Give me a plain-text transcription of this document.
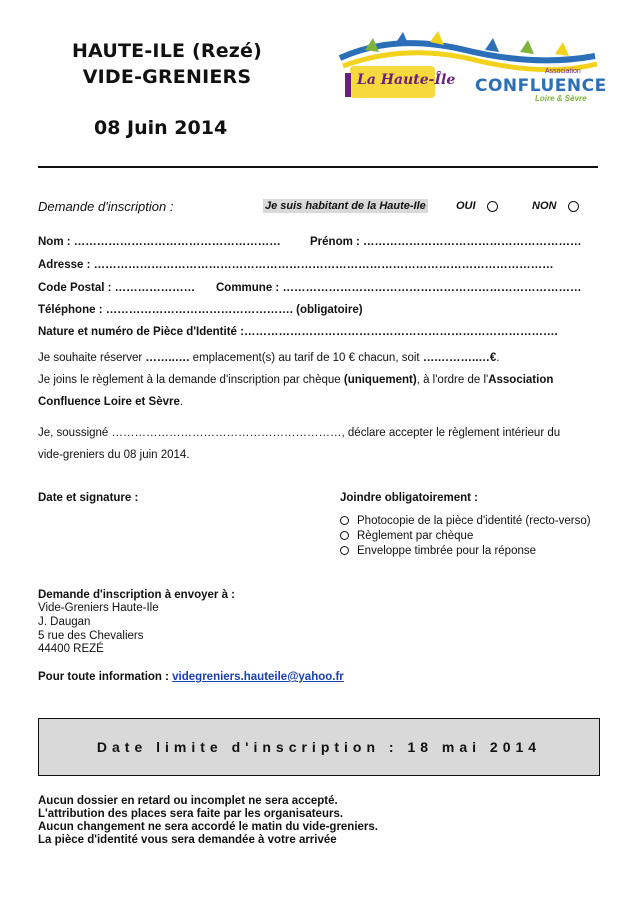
HAUTE-ILE (Rezé)
VIDE-GRENIERS
08 Juin 2014
La Haute-Île
Association
CONFLUENCE
Loire & Sèvre
Demande d'inscription :	Je suis habitant de la Haute-Ile	OUI	NON
Nom : ………………………………………………	Prénom : …………………………………………………
Adresse : …………………………………………………………………………………………………………
Code Postal : ………………… Commune : ……………………………………………………………………
Téléphone : …………………………………………. (obligatoire)
Nature et numéro de Pièce d'Identité :……………………………………………………………………….
Je souhaite réserver ……..…. emplacement(s) au tarif de 10 € chacun, soit ….………..…€.
Je joins le règlement à la demande d'inscription par chèque (uniquement), à l'ordre de l'Association
Confluence Loire et Sèvre.
Je, soussigné ……………………………………………………, déclare accepter le règlement intérieur du
vide-greniers du 08 juin 2014.
Date et signature :	Joindre obligatoirement :
Photocopie de la pièce d'identité (recto-verso)
Règlement par chèque
Enveloppe timbrée pour la réponse
Demande d'inscription à envoyer à :
Vide-Greniers Haute-Ile
J. Daugan
5 rue des Chevaliers
44400 REZÉ
Pour toute information : videgreniers.hauteile@yahoo.fr
Date limite d'inscription : 18 mai 2014
Aucun dossier en retard ou incomplet ne sera accepté.
L'attribution des places sera faite par les organisateurs.
Aucun changement ne sera accordé le matin du vide-greniers.
La pièce d'identité vous sera demandée à votre arrivée
